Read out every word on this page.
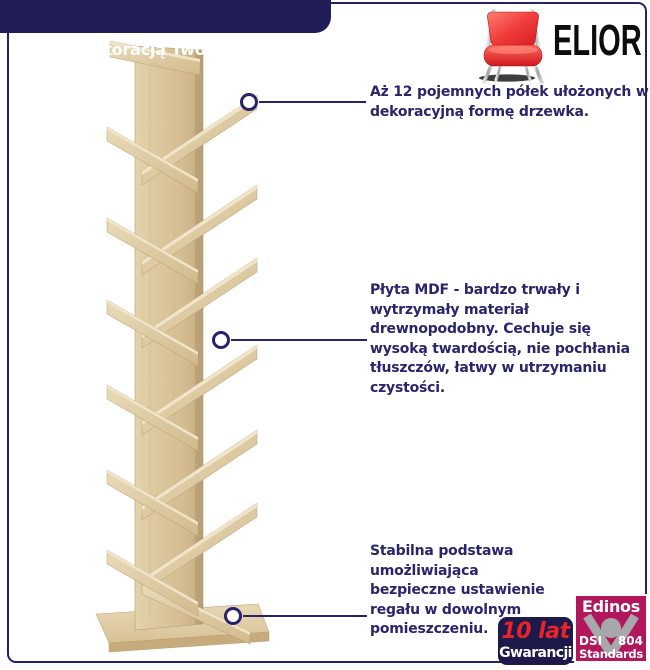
Meble dekoracją Twojego wnętrza!	ELIOR
Aż 12 pojemnych półek ułożonych w
dekoracyjną formę drzewka.
Płyta MDF - bardzo trwały i
wytrzymały materiał
drewnopodobny. Cechuje się
wysoką twardością, nie pochłania
tłuszczów, łatwy w utrzymaniu
czystości.
Stabilna podstawa
umożliwiająca
bezpieczne ustawienie
regału w dowolnym
pomieszczeniu. 10 lat
Gwarancji
Edinos
DSI 804
Standards
